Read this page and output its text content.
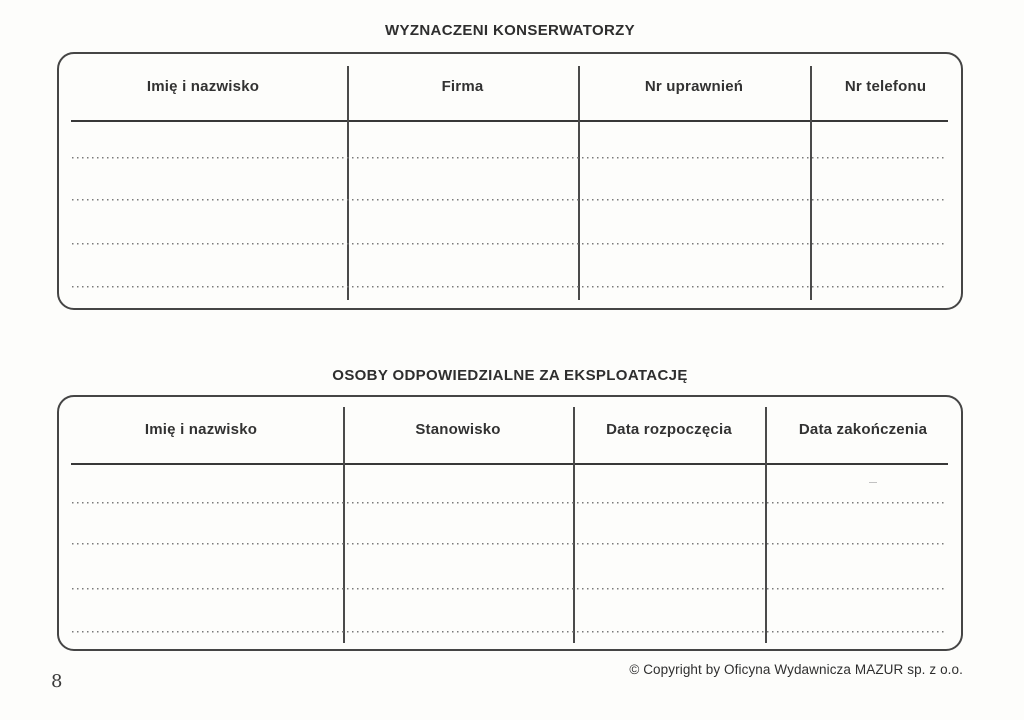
WYZNACZENI KONSERWATORZY
Imię i nazwisko	Firma	Nr uprawnień	Nr telefonu
OSOBY ODPOWIEDZIALNE ZA EKSPLOATACJĘ
Imię i nazwisko	Stanowisko	Data rozpoczęcia	Data zakończenia
8
© Copyright by Oficyna Wydawnicza MAZUR sp. z o.o.
